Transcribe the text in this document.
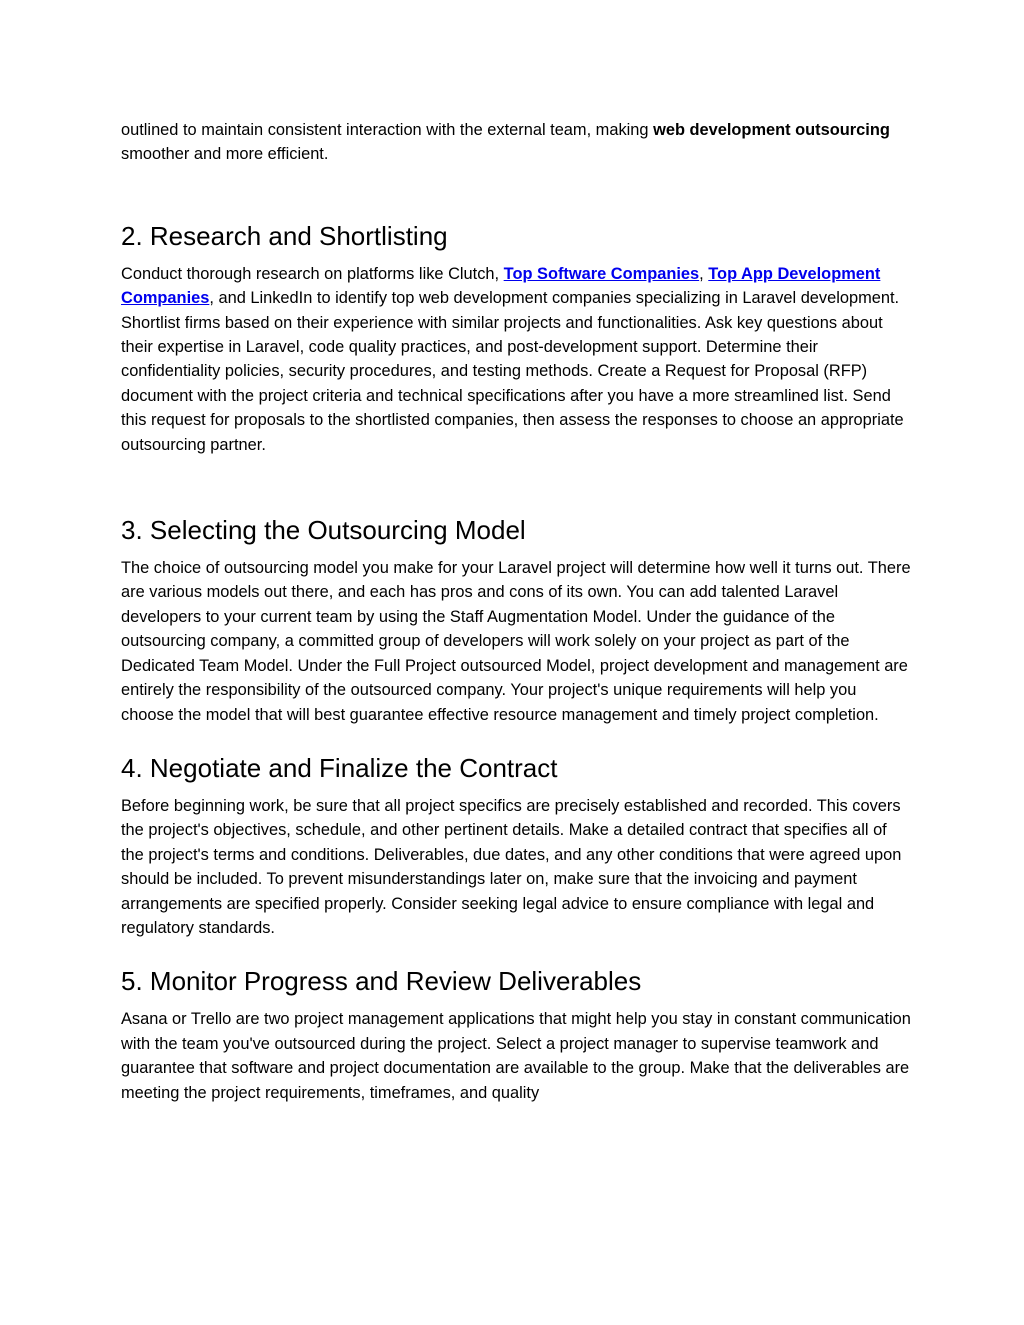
outlined to maintain consistent interaction with the external team, making web development outsourcing smoother and more efficient.

2. Research and Shortlisting

Conduct thorough research on platforms like Clutch, Top Software Companies, Top App Development Companies, and LinkedIn to identify top web development companies specializing in Laravel development. Shortlist firms based on their experience with similar projects and functionalities. Ask key questions about their expertise in Laravel, code quality practices, and post-development support. Determine their confidentiality policies, security procedures, and testing methods. Create a Request for Proposal (RFP) document with the project criteria and technical specifications after you have a more streamlined list. Send this request for proposals to the shortlisted companies, then assess the responses to choose an appropriate outsourcing partner.

3. Selecting the Outsourcing Model

The choice of outsourcing model you make for your Laravel project will determine how well it turns out. There are various models out there, and each has pros and cons of its own. You can add talented Laravel developers to your current team by using the Staff Augmentation Model. Under the guidance of the outsourcing company, a committed group of developers will work solely on your project as part of the Dedicated Team Model. Under the Full Project outsourced Model, project development and management are entirely the responsibility of the outsourced company. Your project's unique requirements will help you choose the model that will best guarantee effective resource management and timely project completion.

4. Negotiate and Finalize the Contract

Before beginning work, be sure that all project specifics are precisely established and recorded. This covers the project's objectives, schedule, and other pertinent details. Make a detailed contract that specifies all of the project's terms and conditions. Deliverables, due dates, and any other conditions that were agreed upon should be included. To prevent misunderstandings later on, make sure that the invoicing and payment arrangements are specified properly. Consider seeking legal advice to ensure compliance with legal and regulatory standards.

5. Monitor Progress and Review Deliverables

Asana or Trello are two project management applications that might help you stay in constant communication with the team you've outsourced during the project. Select a project manager to supervise teamwork and guarantee that software and project documentation are available to the group. Make that the deliverables are meeting the project requirements, timeframes, and quality
